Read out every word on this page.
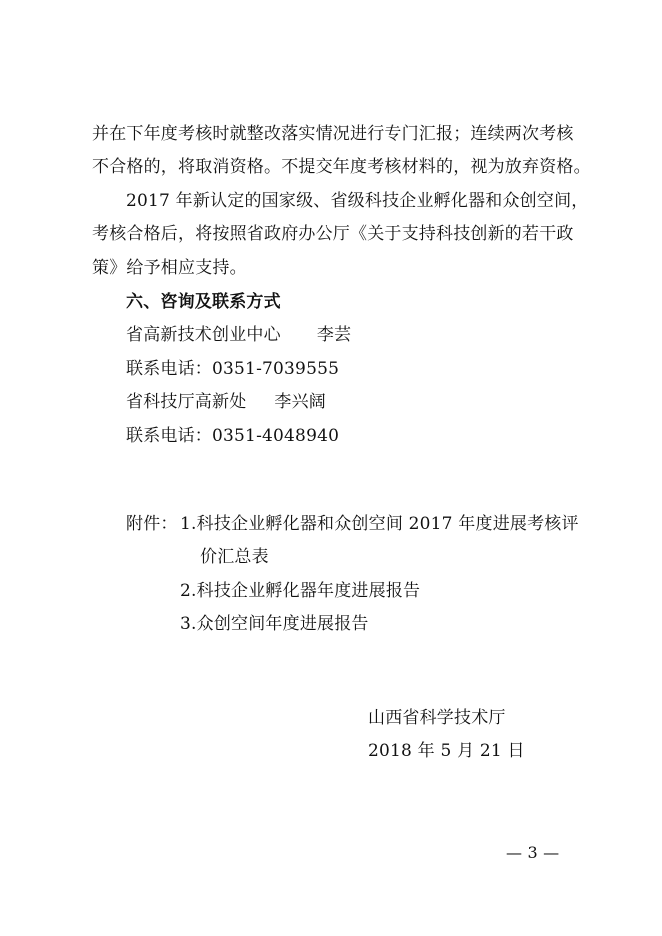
并在下年度考核时就整改落实情况进行专门汇报；连续两次考核
不合格的，将取消资格。不提交年度考核材料的，视为放弃资格。
2017 年新认定的国家级、省级科技企业孵化器和众创空间，
考核合格后，将按照省政府办公厅《关于支持科技创新的若干政
策》给予相应支持。
六、咨询及联系方式
省高新技术创业中心 李芸
联系电话：0351-7039555
省科技厅高新处 李兴阔
联系电话：0351-4048940
附件： 1.科技企业孵化器和众创空间 2017 年度进展考核评
价汇总表
2.科技企业孵化器年度进展报告
3.众创空间年度进展报告
山西省科学技术厅
2018 年 5 月 21 日
— 3 —
